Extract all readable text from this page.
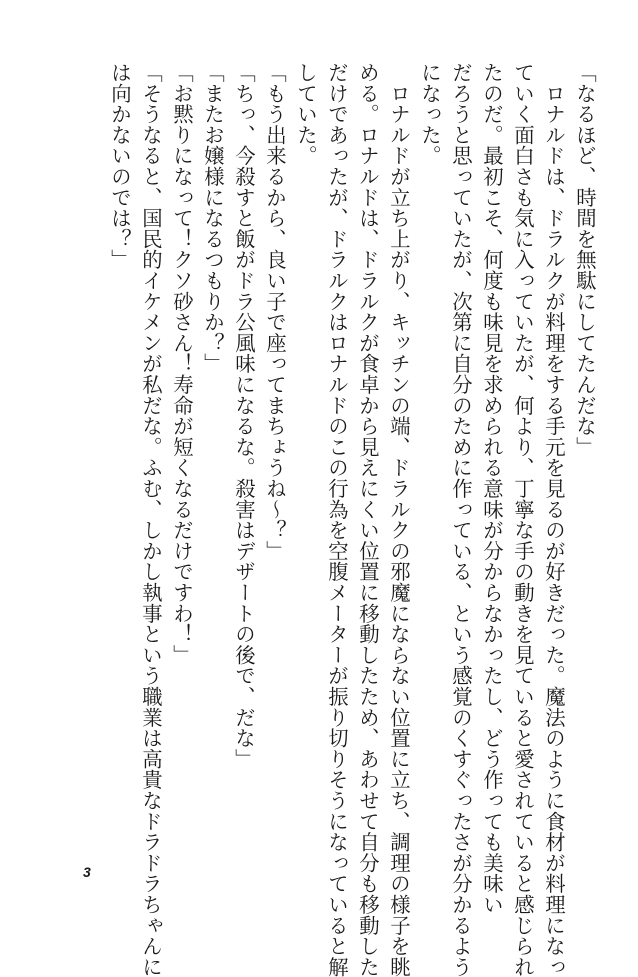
「なるほど、時間を無駄にしてたんだな」
　ロナルドは、ドラルクが料理をする手元を見るのが好きだった。魔法のように食材が料理になっ
ていく面白さも気に入っていたが、何より、丁寧な手の動きを見ていると愛されていると感じられ
たのだ。最初こそ、何度も味見を求められる意味が分からなかったし、どう作っても美味い
だろうと思っていたが、次第に自分のために作っている、という感覚のくすぐったさが分かるよう
になった。
　ロナルドが立ち上がり、キッチンの端、ドラルクの邪魔にならない位置に立ち、調理の様子を眺
める。ロナルドは、ドラルクが食卓から見えにくい位置に移動したため、あわせて自分も移動した
だけであったが、ドラルクはロナルドのこの行為を空腹メーターが振り切りそうになっていると解
していた。
「もう出来るから、良い子で座ってまちょうね～？」
「ちっ、今殺すと飯がドラ公風味になるな。殺害はデザートの後で、だな」
「またお嬢様になるつもりか？」
「お黙りになって！クソ砂さん！寿命が短くなるだけですわ！」
「そうなると、国民的イケメンが私だな。ふむ、しかし執事という職業は高貴なドラドラちゃんに
は向かないのでは？」
3
